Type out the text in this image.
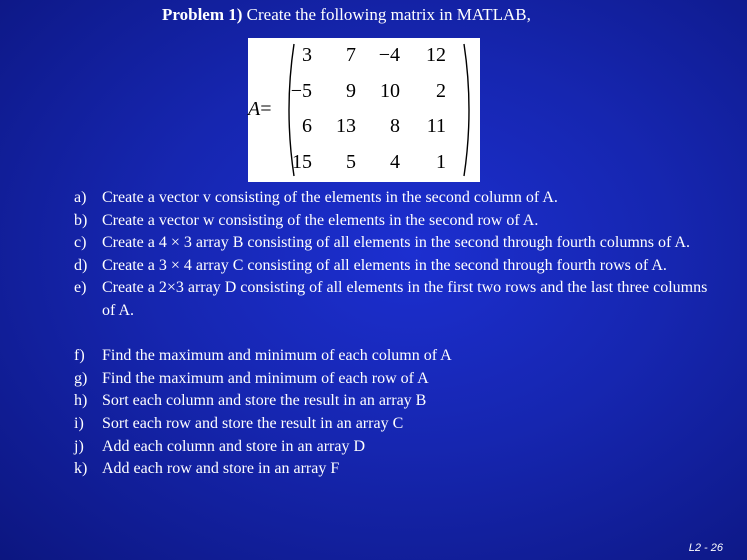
Problem 1) Create the following matrix in MATLAB,
A=
3	7	−4	12
−5	9	10	2
6	13	8	11
15	5	4	1
a) Create a vector v consisting of the elements in the second column of A.
b) Create a vector w consisting of the elements in the second row of A.
c) Create a 4 × 3 array B consisting of all elements in the second through fourth columns of A.
d) Create a 3 × 4 array C consisting of all elements in the second through fourth rows of A.
e) Create a 2×3 array D consisting of all elements in the first two rows and the last three columns of A.
f)	Find the maximum and minimum of each column of A
g) Find the maximum and minimum of each row of A
h) Sort each column and store the result in an array B
i)	Sort each row and store the result in an array C
j)	Add each column and store in an array D
k) Add each row and store in an array F
L2 - 26
